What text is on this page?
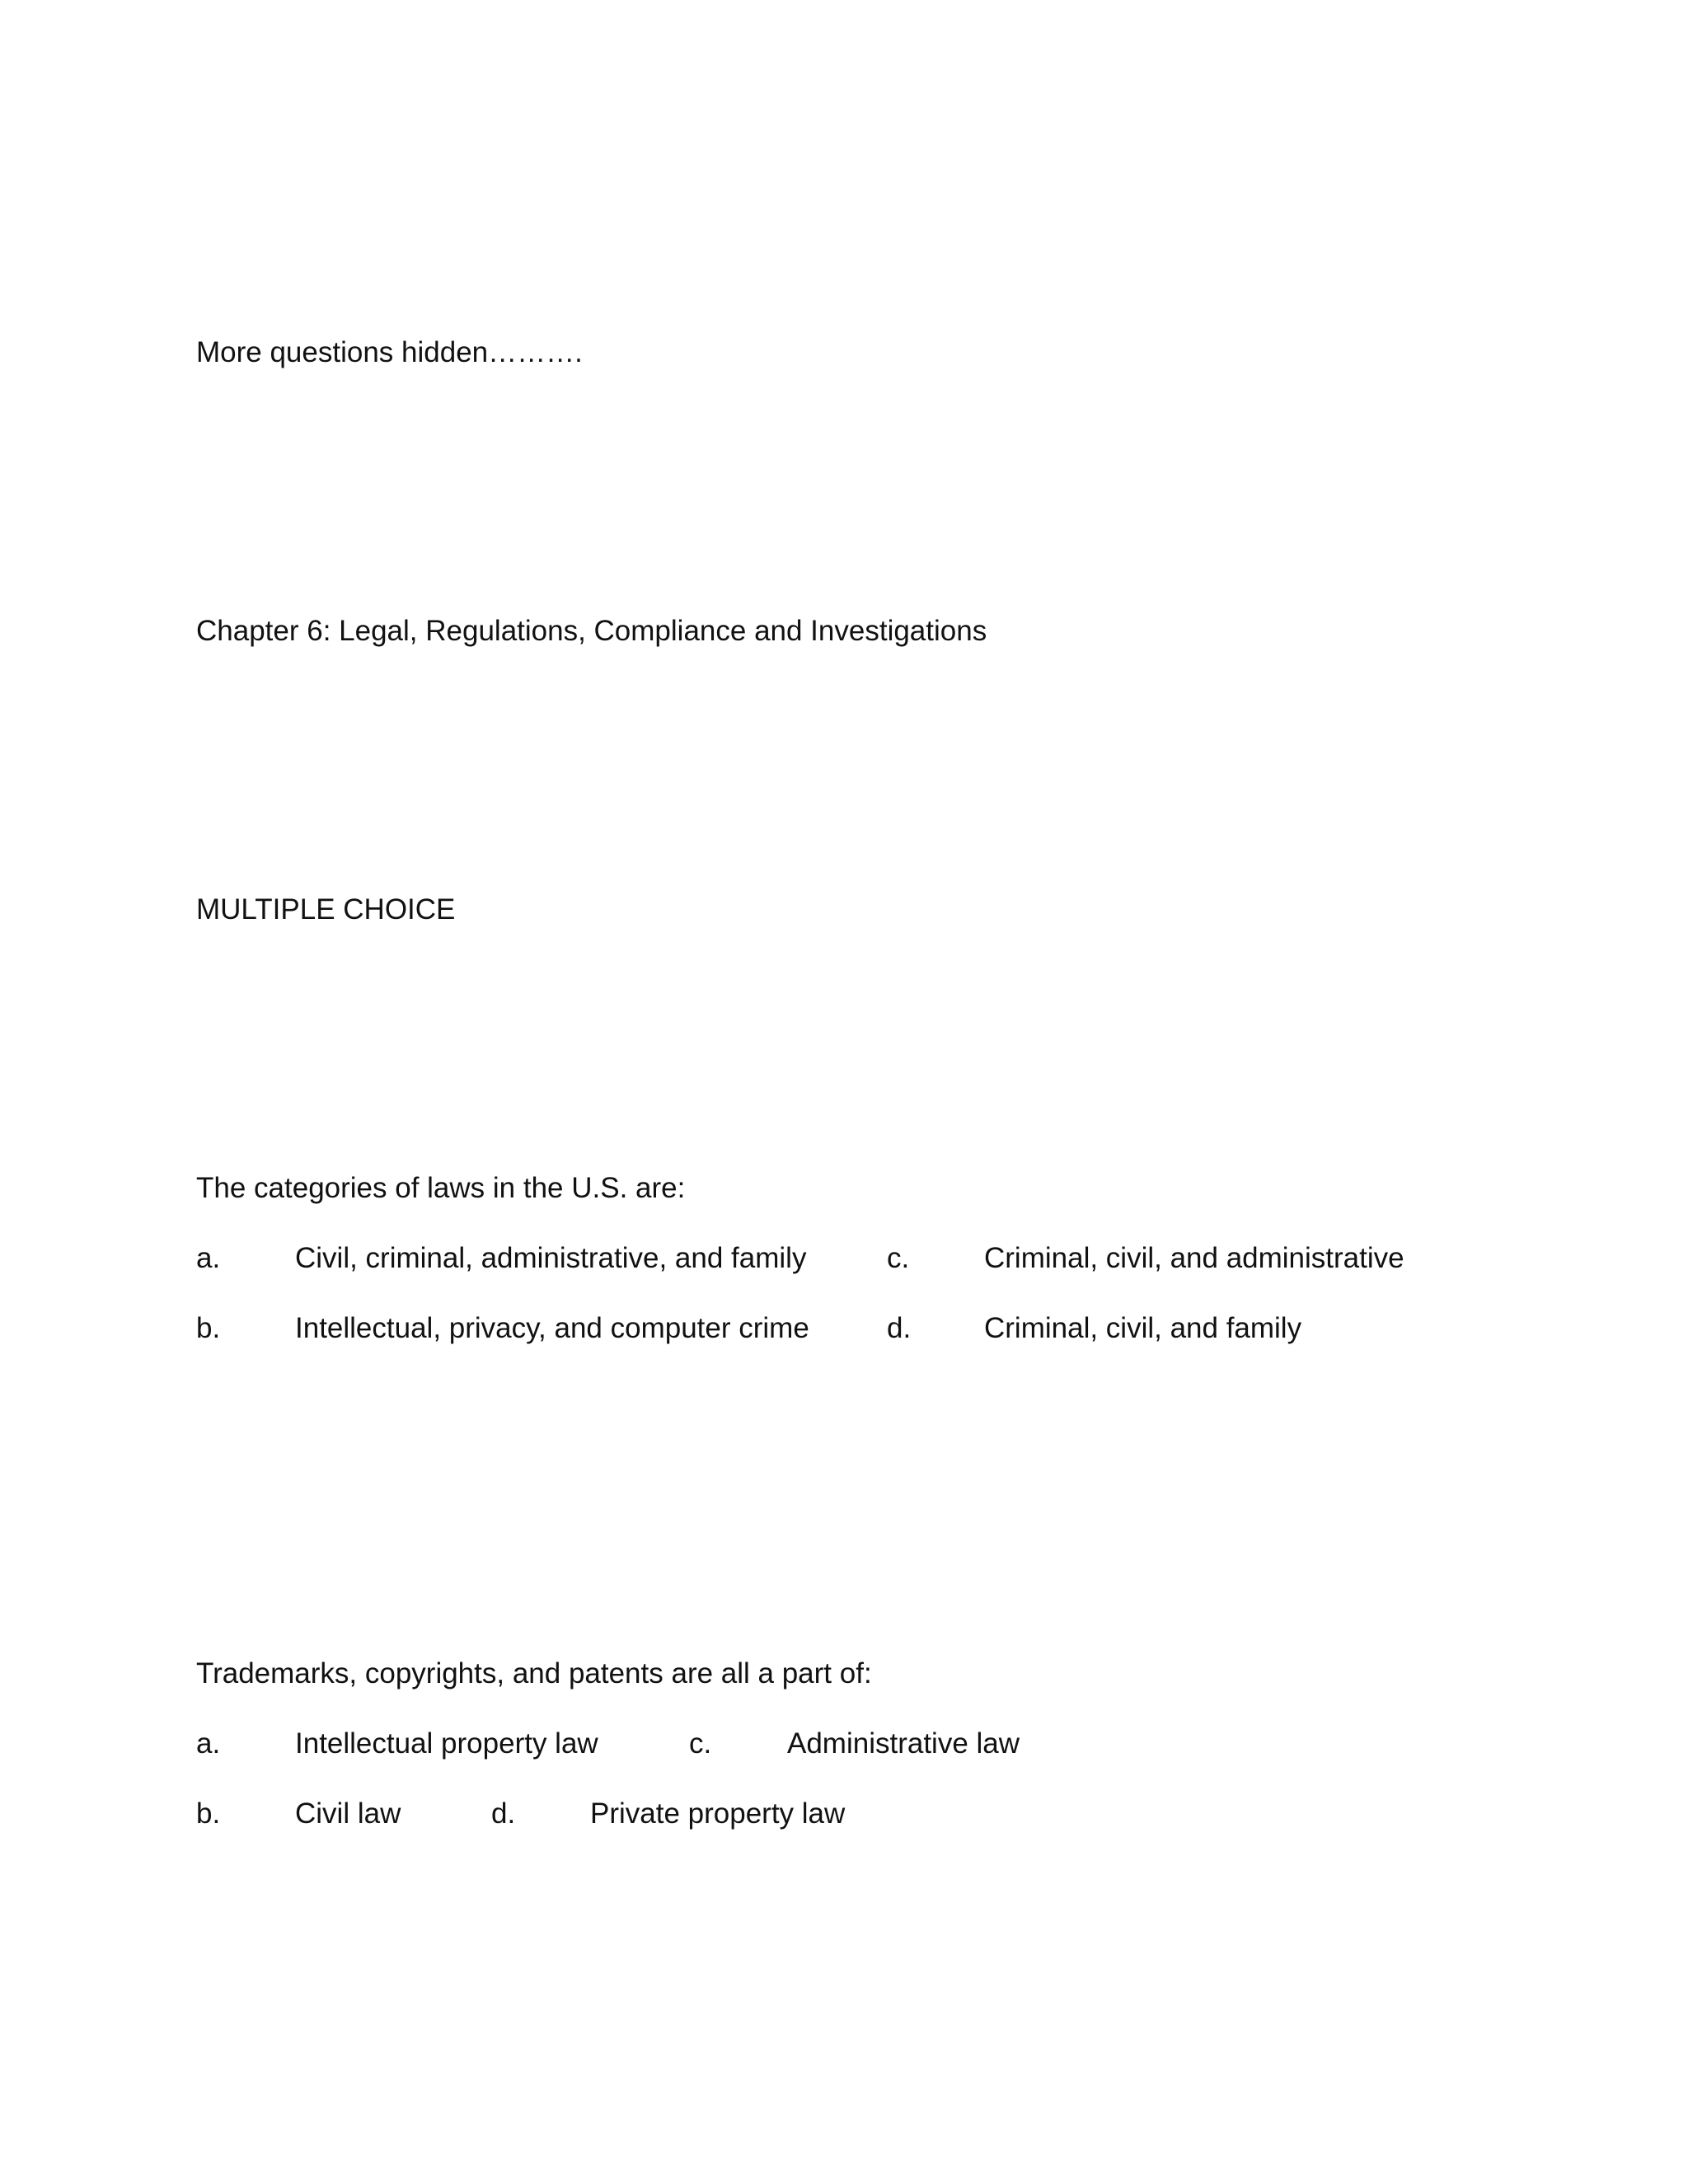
More questions hidden……….
Chapter 6: Legal, Regulations, Compliance and Investigations
MULTIPLE CHOICE
The categories of laws in the U.S. are:
a.	Civil, criminal, administrative, and family	c.	Criminal, civil, and administrative
b.	Intellectual, privacy, and computer crime	d.	Criminal, civil, and family
Trademarks, copyrights, and patents are all a part of:
a.	Intellectual property law	c.	Administrative law
b.	Civil law	d.	Private property law
